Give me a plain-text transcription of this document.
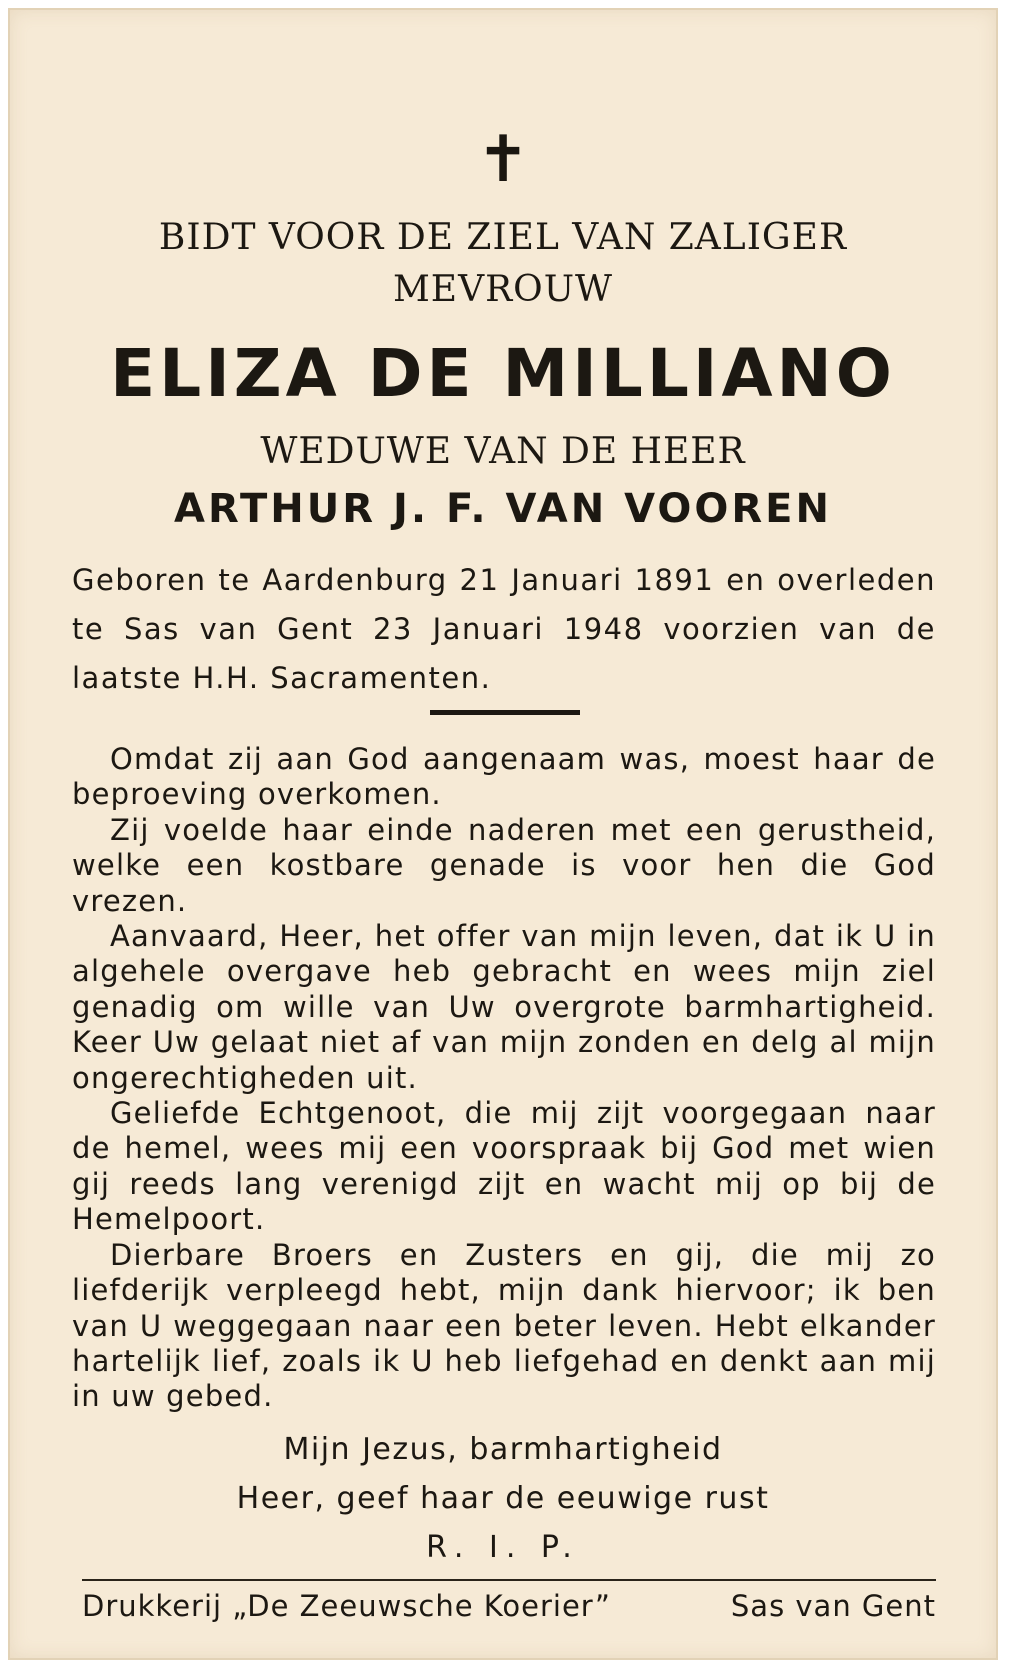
✝
BIDT VOOR DE ZIEL VAN ZALIGER
MEVROUW
ELIZA DE MILLIANO
WEDUWE VAN DE HEER
ARTHUR J. F. VAN VOOREN
Geboren te Aardenburg 21 Januari 1891 en overleden te Sas van Gent 23 Januari 1948 voorzien van de laatste H.H. Sacramenten.

Omdat zij aan God aangenaam was, moest haar de beproeving overkomen.

Zij voelde haar einde naderen met een gerustheid, welke een kostbare genade is voor hen die God vrezen.

Aanvaard, Heer, het offer van mijn leven, dat ik U in algehele overgave heb gebracht en wees mijn ziel genadig om wille van Uw overgrote barmhartigheid. Keer Uw gelaat niet af van mijn zonden en delg al mijn ongerechtigheden uit.

Geliefde Echtgenoot, die mij zijt voorgegaan naar de hemel, wees mij een voorspraak bij God met wien gij reeds lang verenigd zijt en wacht mij op bij de Hemelpoort.

Dierbare Broers en Zusters en gij, die mij zo liefderijk verpleegd hebt, mijn dank hiervoor; ik ben van U weggegaan naar een beter leven. Hebt elkander hartelijk lief, zoals ik U heb liefgehad en denkt aan mij in uw gebed.

Mijn Jezus, barmhartigheid
Heer, geef haar de eeuwige rust
R. I. P.
Drukkerij „De Zeeuwsche Koerier”	Sas van Gent
